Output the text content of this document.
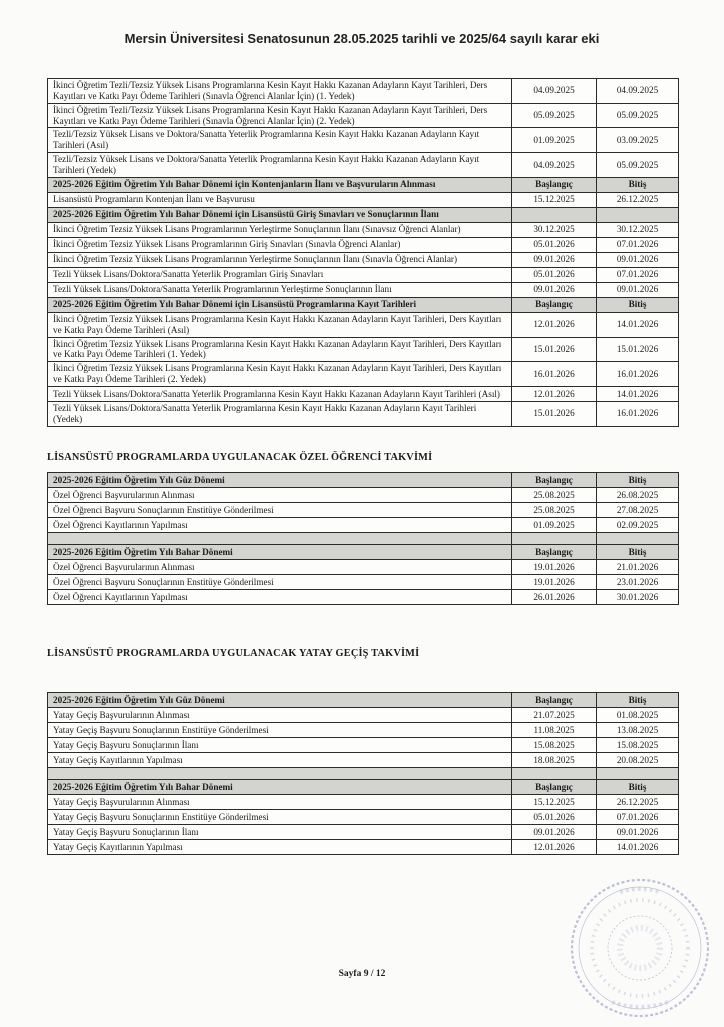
Mersin Üniversitesi Senatosunun 28.05.2025 tarihli ve 2025/64 sayılı karar eki
İkinci Öğretim Tezli/Tezsiz Yüksek Lisans Programlarına Kesin Kayıt Hakkı Kazanan Adayların Kayıt Tarihleri, Ders Kayıtları ve Katkı Payı Ödeme Tarihleri (Sınavla Öğrenci Alanlar İçin) (1. Yedek)	04.09.2025	04.09.2025
İkinci Öğretim Tezli/Tezsiz Yüksek Lisans Programlarına Kesin Kayıt Hakkı Kazanan Adayların Kayıt Tarihleri, Ders Kayıtları ve Katkı Payı Ödeme Tarihleri (Sınavla Öğrenci Alanlar İçin) (2. Yedek)	05.09.2025	05.09.2025
Tezli/Tezsiz Yüksek Lisans ve Doktora/Sanatta Yeterlik Programlarına Kesin Kayıt Hakkı Kazanan Adayların Kayıt Tarihleri (Asıl)	01.09.2025	03.09.2025
Tezli/Tezsiz Yüksek Lisans ve Doktora/Sanatta Yeterlik Programlarına Kesin Kayıt Hakkı Kazanan Adayların Kayıt Tarihleri (Yedek)	04.09.2025	05.09.2025
2025-2026 Eğitim Öğretim Yılı Bahar Dönemi için Kontenjanların İlanı ve Başvuruların Alınması	Başlangıç	Bitiş
Lisansüstü Programların Kontenjan İlanı ve Başvurusu	15.12.2025	26.12.2025
2025-2026 Eğitim Öğretim Yılı Bahar Dönemi için Lisansüstü Giriş Sınavları ve Sonuçlarının İlanı		
İkinci Öğretim Tezsiz Yüksek Lisans Programlarının Yerleştirme Sonuçlarının İlanı (Sınavsız Öğrenci Alanlar)	30.12.2025	30.12.2025
İkinci Öğretim Tezsiz Yüksek Lisans Programlarının Giriş Sınavları (Sınavla Öğrenci Alanlar)	05.01.2026	07.01.2026
İkinci Öğretim Tezsiz Yüksek Lisans Programlarının Yerleştirme Sonuçlarının İlanı (Sınavla Öğrenci Alanlar)	09.01.2026	09.01.2026
Tezli Yüksek Lisans/Doktora/Sanatta Yeterlik Programları Giriş Sınavları	05.01.2026	07.01.2026
Tezli Yüksek Lisans/Doktora/Sanatta Yeterlik Programlarının Yerleştirme Sonuçlarının İlanı	09.01.2026	09.01.2026
2025-2026 Eğitim Öğretim Yılı Bahar Dönemi için Lisansüstü Programlarına Kayıt Tarihleri	Başlangıç	Bitiş
İkinci Öğretim Tezsiz Yüksek Lisans Programlarına Kesin Kayıt Hakkı Kazanan Adayların Kayıt Tarihleri, Ders Kayıtları ve Katkı Payı Ödeme Tarihleri (Asıl)	12.01.2026	14.01.2026
İkinci Öğretim Tezsiz Yüksek Lisans Programlarına Kesin Kayıt Hakkı Kazanan Adayların Kayıt Tarihleri, Ders Kayıtları ve Katkı Payı Ödeme Tarihleri (1. Yedek)	15.01.2026	15.01.2026
İkinci Öğretim Tezsiz Yüksek Lisans Programlarına Kesin Kayıt Hakkı Kazanan Adayların Kayıt Tarihleri, Ders Kayıtları ve Katkı Payı Ödeme Tarihleri (2. Yedek)	16.01.2026	16.01.2026
Tezli Yüksek Lisans/Doktora/Sanatta Yeterlik Programlarına Kesin Kayıt Hakkı Kazanan Adayların Kayıt Tarihleri (Asıl)	12.01.2026	14.01.2026
Tezli Yüksek Lisans/Doktora/Sanatta Yeterlik Programlarına Kesin Kayıt Hakkı Kazanan Adayların Kayıt Tarihleri (Yedek)	15.01.2026	16.01.2026
LİSANSÜSTÜ PROGRAMLARDA UYGULANACAK ÖZEL ÖĞRENCİ TAKVİMİ
2025-2026 Eğitim Öğretim Yılı Güz Dönemi	Başlangıç	Bitiş
Özel Öğrenci Başvurularının Alınması	25.08.2025	26.08.2025
Özel Öğrenci Başvuru Sonuçlarının Enstitüye Gönderilmesi	25.08.2025	27.08.2025
Özel Öğrenci Kayıtlarının Yapılması	01.09.2025	02.09.2025

2025-2026 Eğitim Öğretim Yılı Bahar Dönemi	Başlangıç	Bitiş
Özel Öğrenci Başvurularının Alınması	19.01.2026	21.01.2026
Özel Öğrenci Başvuru Sonuçlarının Enstitüye Gönderilmesi	19.01.2026	23.01.2026
Özel Öğrenci Kayıtlarının Yapılması	26.01.2026	30.01.2026
LİSANSÜSTÜ PROGRAMLARDA UYGULANACAK YATAY GEÇİŞ TAKVİMİ
2025-2026 Eğitim Öğretim Yılı Güz Dönemi	Başlangıç	Bitiş
Yatay Geçiş Başvurularının Alınması	21.07.2025	01.08.2025
Yatay Geçiş Başvuru Sonuçlarının Enstitüye Gönderilmesi	11.08.2025	13.08.2025
Yatay Geçiş Başvuru Sonuçlarının İlanı	15.08.2025	15.08.2025
Yatay Geçiş Kayıtlarının Yapılması	18.08.2025	20.08.2025

2025-2026 Eğitim Öğretim Yılı Bahar Dönemi	Başlangıç	Bitiş
Yatay Geçiş Başvurularının Alınması	15.12.2025	26.12.2025
Yatay Geçiş Başvuru Sonuçlarının Enstitüye Gönderilmesi	05.01.2026	07.01.2026
Yatay Geçiş Başvuru Sonuçlarının İlanı	09.01.2026	09.01.2026
Yatay Geçiş Kayıtlarının Yapılması	12.01.2026	14.01.2026
Sayfa 9 / 12
